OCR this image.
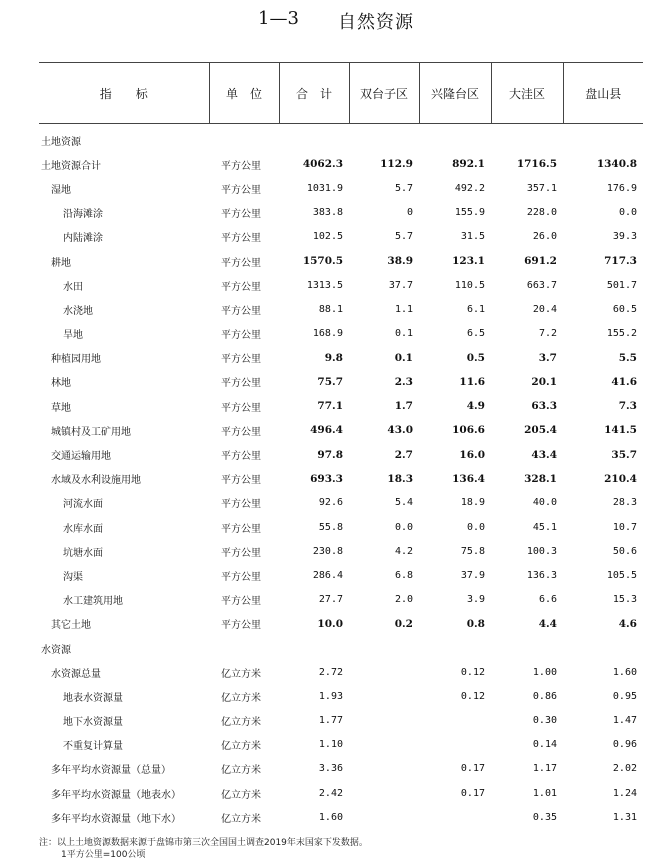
1—3 自然资源
指　　标	单　位	合　计	双台子区	兴隆台区	大洼区	盘山县
土地资源						
土地资源合计	平方公里	4062.3	112.9	892.1	1716.5	1340.8
湿地	平方公里	1031.9	5.7	492.2	357.1	176.9
沿海滩涂	平方公里	383.8	0	155.9	228.0	0.0
内陆滩涂	平方公里	102.5	5.7	31.5	26.0	39.3
耕地	平方公里	1570.5	38.9	123.1	691.2	717.3
水田	平方公里	1313.5	37.7	110.5	663.7	501.7
水浇地	平方公里	88.1	1.1	6.1	20.4	60.5
旱地	平方公里	168.9	0.1	6.5	7.2	155.2
种植园用地	平方公里	9.8	0.1	0.5	3.7	5.5
林地	平方公里	75.7	2.3	11.6	20.1	41.6
草地	平方公里	77.1	1.7	4.9	63.3	7.3
城镇村及工矿用地	平方公里	496.4	43.0	106.6	205.4	141.5
交通运输用地	平方公里	97.8	2.7	16.0	43.4	35.7
水域及水利设施用地	平方公里	693.3	18.3	136.4	328.1	210.4
河流水面	平方公里	92.6	5.4	18.9	40.0	28.3
水库水面	平方公里	55.8	0.0	0.0	45.1	10.7
坑塘水面	平方公里	230.8	4.2	75.8	100.3	50.6
沟渠	平方公里	286.4	6.8	37.9	136.3	105.5
水工建筑用地	平方公里	27.7	2.0	3.9	6.6	15.3
其它土地	平方公里	10.0	0.2	0.8	4.4	4.6
水资源						
水资源总量	亿立方米	2.72		0.12	1.00	1.60
地表水资源量	亿立方米	1.93		0.12	0.86	0.95
地下水资源量	亿立方米	1.77			0.30	1.47
不重复计算量	亿立方米	1.10			0.14	0.96
多年平均水资源量（总量）	亿立方米	3.36		0.17	1.17	2.02
多年平均水资源量（地表水）	亿立方米	2.42		0.17	1.01	1.24
多年平均水资源量（地下水）	亿立方米	1.60			0.35	1.31
注：以上土地资源数据来源于盘锦市第三次全国国土调查2019年末国家下发数据。
1平方公里=100公顷
